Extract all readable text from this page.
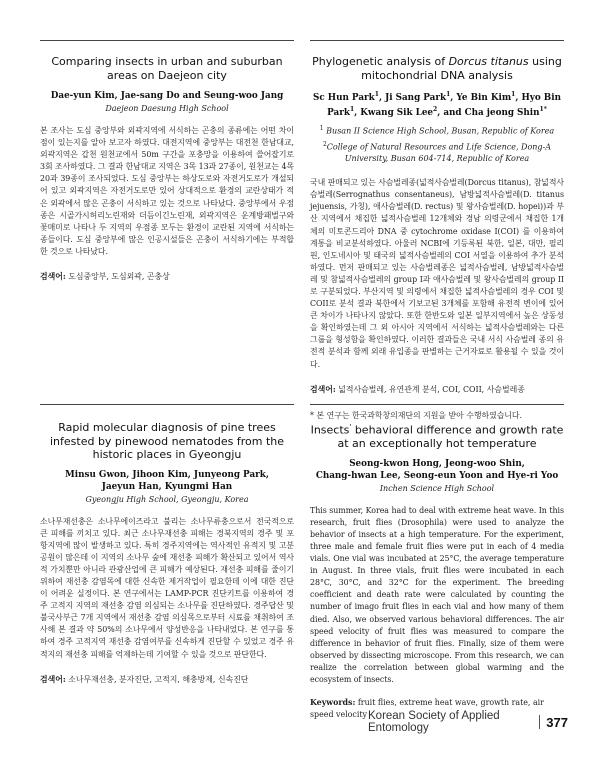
Comparing insects in urban and suburban areas on Daejeon city
Dae-yun Kim, Jae-sang Do and Seung-woo Jang
Daejeon Daesung High School
본 조사는 도심 중앙부와 외곽지역에 서식하는 곤충의 종류에는 어떤 차이점이 있는지를 알아 보고자 하였다. 대전지역에 중앙부는 대전천 한남대교, 외곽지역은 갑천 원천교에서 50m 구간을 포충망을 이용하여 쓸어잡기로 3회 조사하였다. 그 결과 한남대교 지역은 3목 13과 27종이, 원천교는 4목 20과 39종이 조사되었다. 도심 중앙부는 하상도로와 자전거도로가 개설되어 있고 외곽지역은 자전거도로만 있어 상대적으로 환경의 교란상태가 적은 외곽에서 많은 곤충이 서식하고 있는 것으로 나타났다. 중앙부에서 우점종은 시골가시허리노린재와 더듬이긴노린재, 외곽지역은 운계방패벌구와 꽃매미로 나타나 두 지역의 우점종 모두는 환경이 교란된 지역에 서식하는 종들이다. 도심 중앙부에 많은 인공시설들은 곤충이 서식하기에는 부적합한 것으로 나타났다.
검색어: 도심중앙부, 도심외곽, 곤충상
Phylogenetic analysis of Dorcus titanus using mitochondrial DNA analysis
Sc Hun Park$^1$, Ji Sang Park$^1$, Ye Bin Kim$^1$, Hyo Bin Park$^1$, Kwang Sik Lee$^2$, and Cha jeong Shin$^{1*}$
$^1$ Busan II Science High School, Busan, Republic of Korea
$^2$College of Natural Resources and Life Science, Dong-A University, Busan 604-714, Republic of Korea
국내 판매되고 있는 사슴벌레종(넓적사슴벌레(Dorcus titanus), 참넓적사슴벌레(Serrognathus consentaneus), 남방넓적사슴벌레(D. titanus jejuensis, 가칭), 애사슴벌레(D. rectus) 및 왕사슴벌레(D. hopei))과 부산 지역에서 채집한 넓적사슴벌레 12개체와 경남 의령군에서 채집한 1개체의 미토콘드리아 DNA 중 cytochrome oxidase I(COI) 를 이용하여 계통을 비교분석하였다. 아울러 NCBI에 기등록된 북한, 일본, 대만, 필리핀, 인도네시아 및 태국의 넓적사슴벌레의 COI 서열을 이용하여 추가 분석하였다. 먼저 판매되고 있는 사슴벌레종은 넓적사슴벌레, 남방넓적사슴벌레 및 참넓적사슴벌레의 group I과 애사슴벌레 및 왕사슴벌레의 group II로 구분되었다. 부산지역 및 의령에서 채집한 넓적사슴벌레의 경우 COI 및 COII로 분석 결과 북한에서 기보고된 3개체를 포함해 유전적 변이에 있어 큰 차이가 나타나지 않았다. 또한 한반도와 일본 일부지역에서 높은 상동성을 확인하였는데 그 외 아시아 지역에서 서식하는 넓적사슴벌레와는 다른 그룹을 형성함을 확인하였다. 이러한 결과들은 국내 서식 사슴벌레 종의 유전적 분석과 함께 외래 유입종을 판별하는 근거자료로 활용될 수 있을 것이다.
검색어: 넓적사슴벌레, 유연관계 분석, COI, COII, 사슴벌레종
* 본 연구는 한국과학창의재단의 지원을 받아 수행하였습니다.
Rapid molecular diagnosis of pine trees infested by pinewood nematodes from the historic places in Gyeongju
Minsu Gwon, Jihoon Kim, Junyeong Park,
Jaeyun Han, Kyungmi Han
Gyeongju High School, Gyeongju, Korea
소나무재선충은 소나무에이즈라고 불리는 소나무류충으로서 전국적으로 큰 피해를 끼치고 있다. 최근 소나무재선충 피해는 경북지역의 경주 및 포항지역에 많이 발생하고 있다. 특히 경주지역에는 역사적인 유적지 및 고분공원이 많은데 이 지역의 소나무 숲에 재선충 피해가 확산되고 있어서 역사적 가치뿐만 아니라 관광산업에 큰 피해가 예상된다. 재선충 피해를 줄이기 위하여 재선충 감염목에 대한 신속한 제거작업이 필요한데 이에 대한 진단이 어려운 실정이다. 본 연구에서는 LAMP-PCR 진단키트를 이용하여 경주 고적지 지역의 재선충 감염 의심되는 소나무를 진단하였다. 경주답산 및 불국사부근 7개 지역에서 재선충 감염 의심목으로부터 시료를 채취하여 조사해 본 결과 약 50%의 소나무에서 양성반응을 나타내었다. 본 연구를 통하여 경주 고적지역 재선충 감염여부를 신속하게 진단할 수 있었고 경주 유적지의 재선충 피해를 억제하는데 기여할 수 있을 것으로 판단한다.
검색어: 소나무재선충, 분자진단, 고적지, 해충방제, 신속진단
Insects' behavioral difference and growth rate at an exceptionally hot temperature
Seong-kwon Hong, Jeong-woo Shin,
Chang-hwan Lee, Seong-eun Yoon and Hye-ri Yoo
Inchen Science High School
This summer, Korea had to deal with extreme heat wave. In this research, fruit flies (Drosophila) were used to analyze the behavior of insects at a high temperature. For the experiment, three male and female fruit flies were put in each of 4 media vials. One vial was incubated at 25°C, the average temperature in August. In three vials, fruit flies were incubated in each 28°C, 30°C, and 32°C for the experiment. The breeding coefficient and death rate were calculated by counting the number of imago fruit flies in each vial and how many of them died. Also, we observed various behavioral differences. The air speed velocity of fruit flies was measured to compare the difference in behavior of fruit flies. Finally, size of them were observed by dissecting microscope. From this research, we can realize the correlation between global warming and the ecosystem of insects.
Keywords: fruit flies, extreme heat wave, growth rate, air speed velocity Korean Society of Applied Entomology	377
